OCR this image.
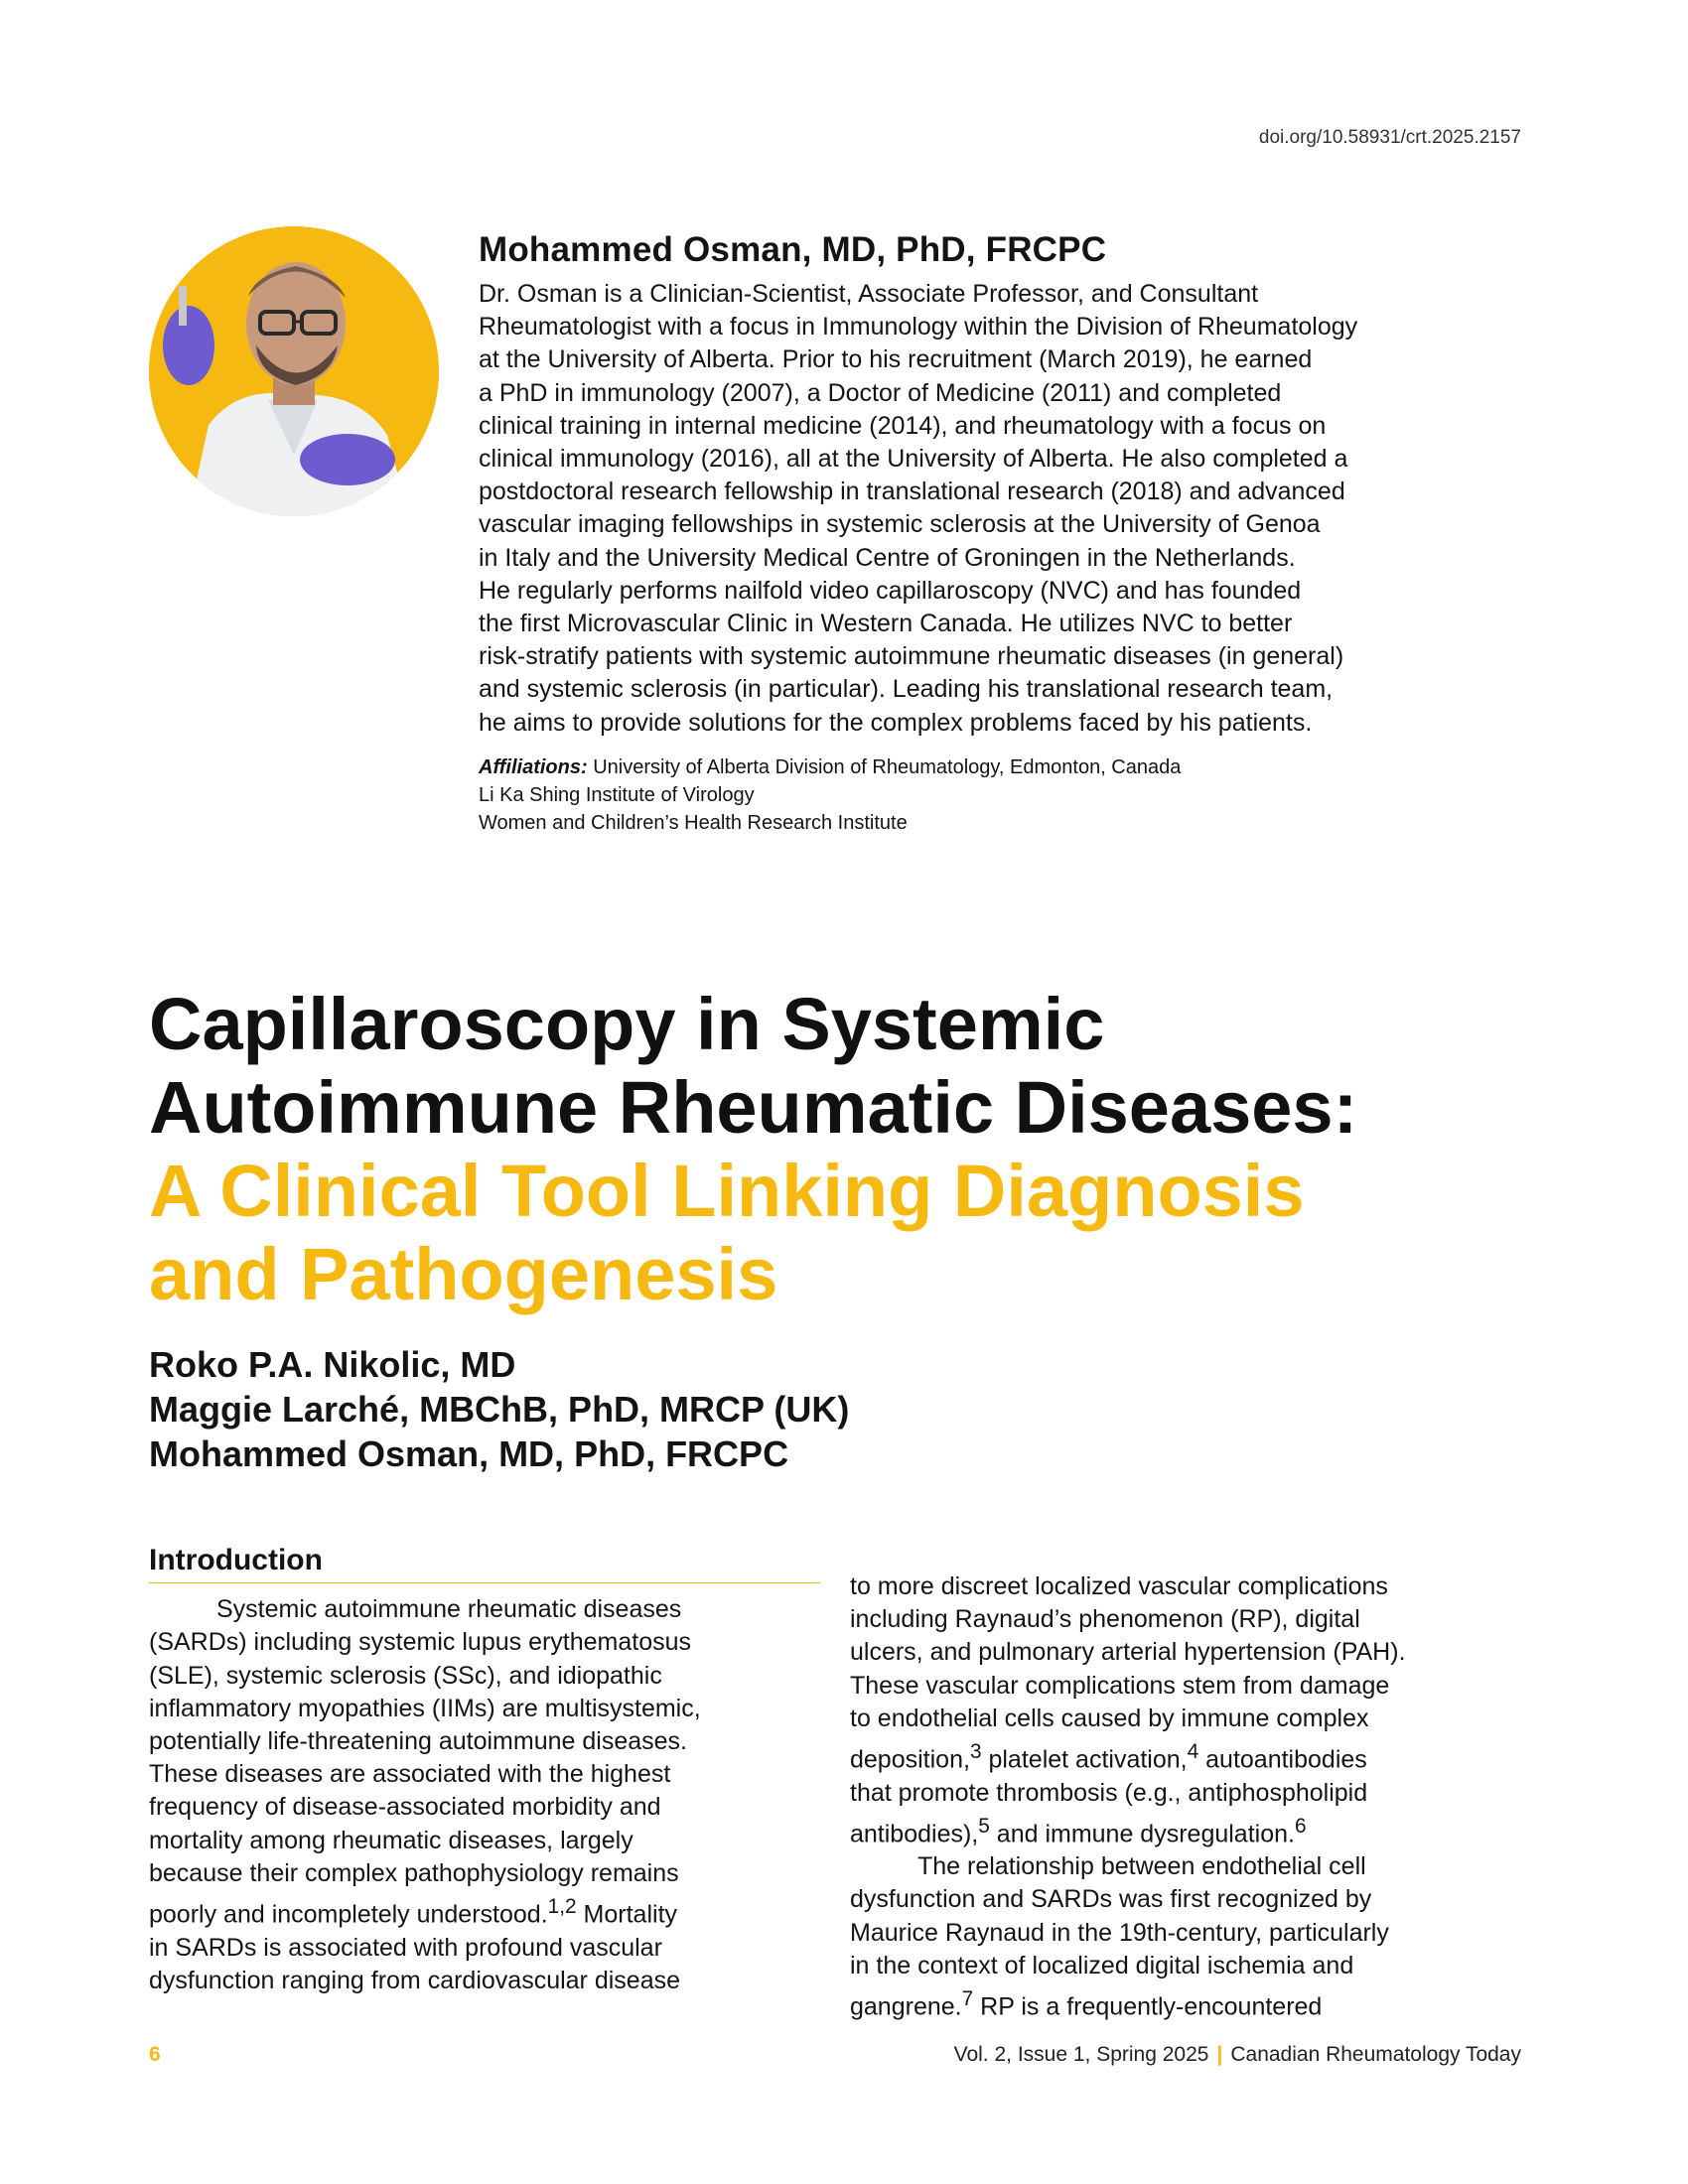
doi.org/10.58931/crt.2025.2157
Mohammed Osman, MD, PhD, FRCPC

Dr. Osman is a Clinician-Scientist, Associate Professor, and Consultant
Rheumatologist with a focus in Immunology within the Division of Rheumatology
at the University of Alberta. Prior to his recruitment (March 2019), he earned
a PhD in immunology (2007), a Doctor of Medicine (2011) and completed
clinical training in internal medicine (2014), and rheumatology with a focus on
clinical immunology (2016), all at the University of Alberta. He also completed a
postdoctoral research fellowship in translational research (2018) and advanced
vascular imaging fellowships in systemic sclerosis at the University of Genoa
in Italy and the University Medical Centre of Groningen in the Netherlands.
He regularly performs nailfold video capillaroscopy (NVC) and has founded
the first Microvascular Clinic in Western Canada. He utilizes NVC to better
risk-stratify patients with systemic autoimmune rheumatic diseases (in general)
and systemic sclerosis (in particular). Leading his translational research team,
he aims to provide solutions for the complex problems faced by his patients.

Affiliations: University of Alberta Division of Rheumatology, Edmonton, Canada
Li Ka Shing Institute of Virology
Women and Children’s Health Research Institute
Capillaroscopy in Systemic
Autoimmune Rheumatic Diseases:
A Clinical Tool Linking Diagnosis
and Pathogenesis
Roko P.A. Nikolic, MD
Maggie Larché, MBChB, PhD, MRCP (UK)
Mohammed Osman, MD, PhD, FRCPC
Introduction

Systemic autoimmune rheumatic diseases
(SARDs) including systemic lupus erythematosus
(SLE), systemic sclerosis (SSc), and idiopathic
inflammatory myopathies (IIMs) are multisystemic,
potentially life-threatening autoimmune diseases.
These diseases are associated with the highest
frequency of disease-associated morbidity and
mortality among rheumatic diseases, largely
because their complex pathophysiology remains
poorly and incompletely understood.$^{1,2}$ Mortality
in SARDs is associated with profound vascular
dysfunction ranging from cardiovascular disease

to more discreet localized vascular complications
including Raynaud’s phenomenon (RP), digital
ulcers, and pulmonary arterial hypertension (PAH).
These vascular complications stem from damage
to endothelial cells caused by immune complex
deposition,$^3$ platelet activation,$^4$ autoantibodies
that promote thrombosis (e.g., antiphospholipid
antibodies),$^5$ and immune dysregulation.$^6$

The relationship between endothelial cell
dysfunction and SARDs was first recognized by
Maurice Raynaud in the 19th-century, particularly
in the context of localized digital ischemia and
gangrene.$^7$ RP is a frequently-encountered

6	Vol. 2, Issue 1, Spring 2025 | Canadian Rheumatology Today
